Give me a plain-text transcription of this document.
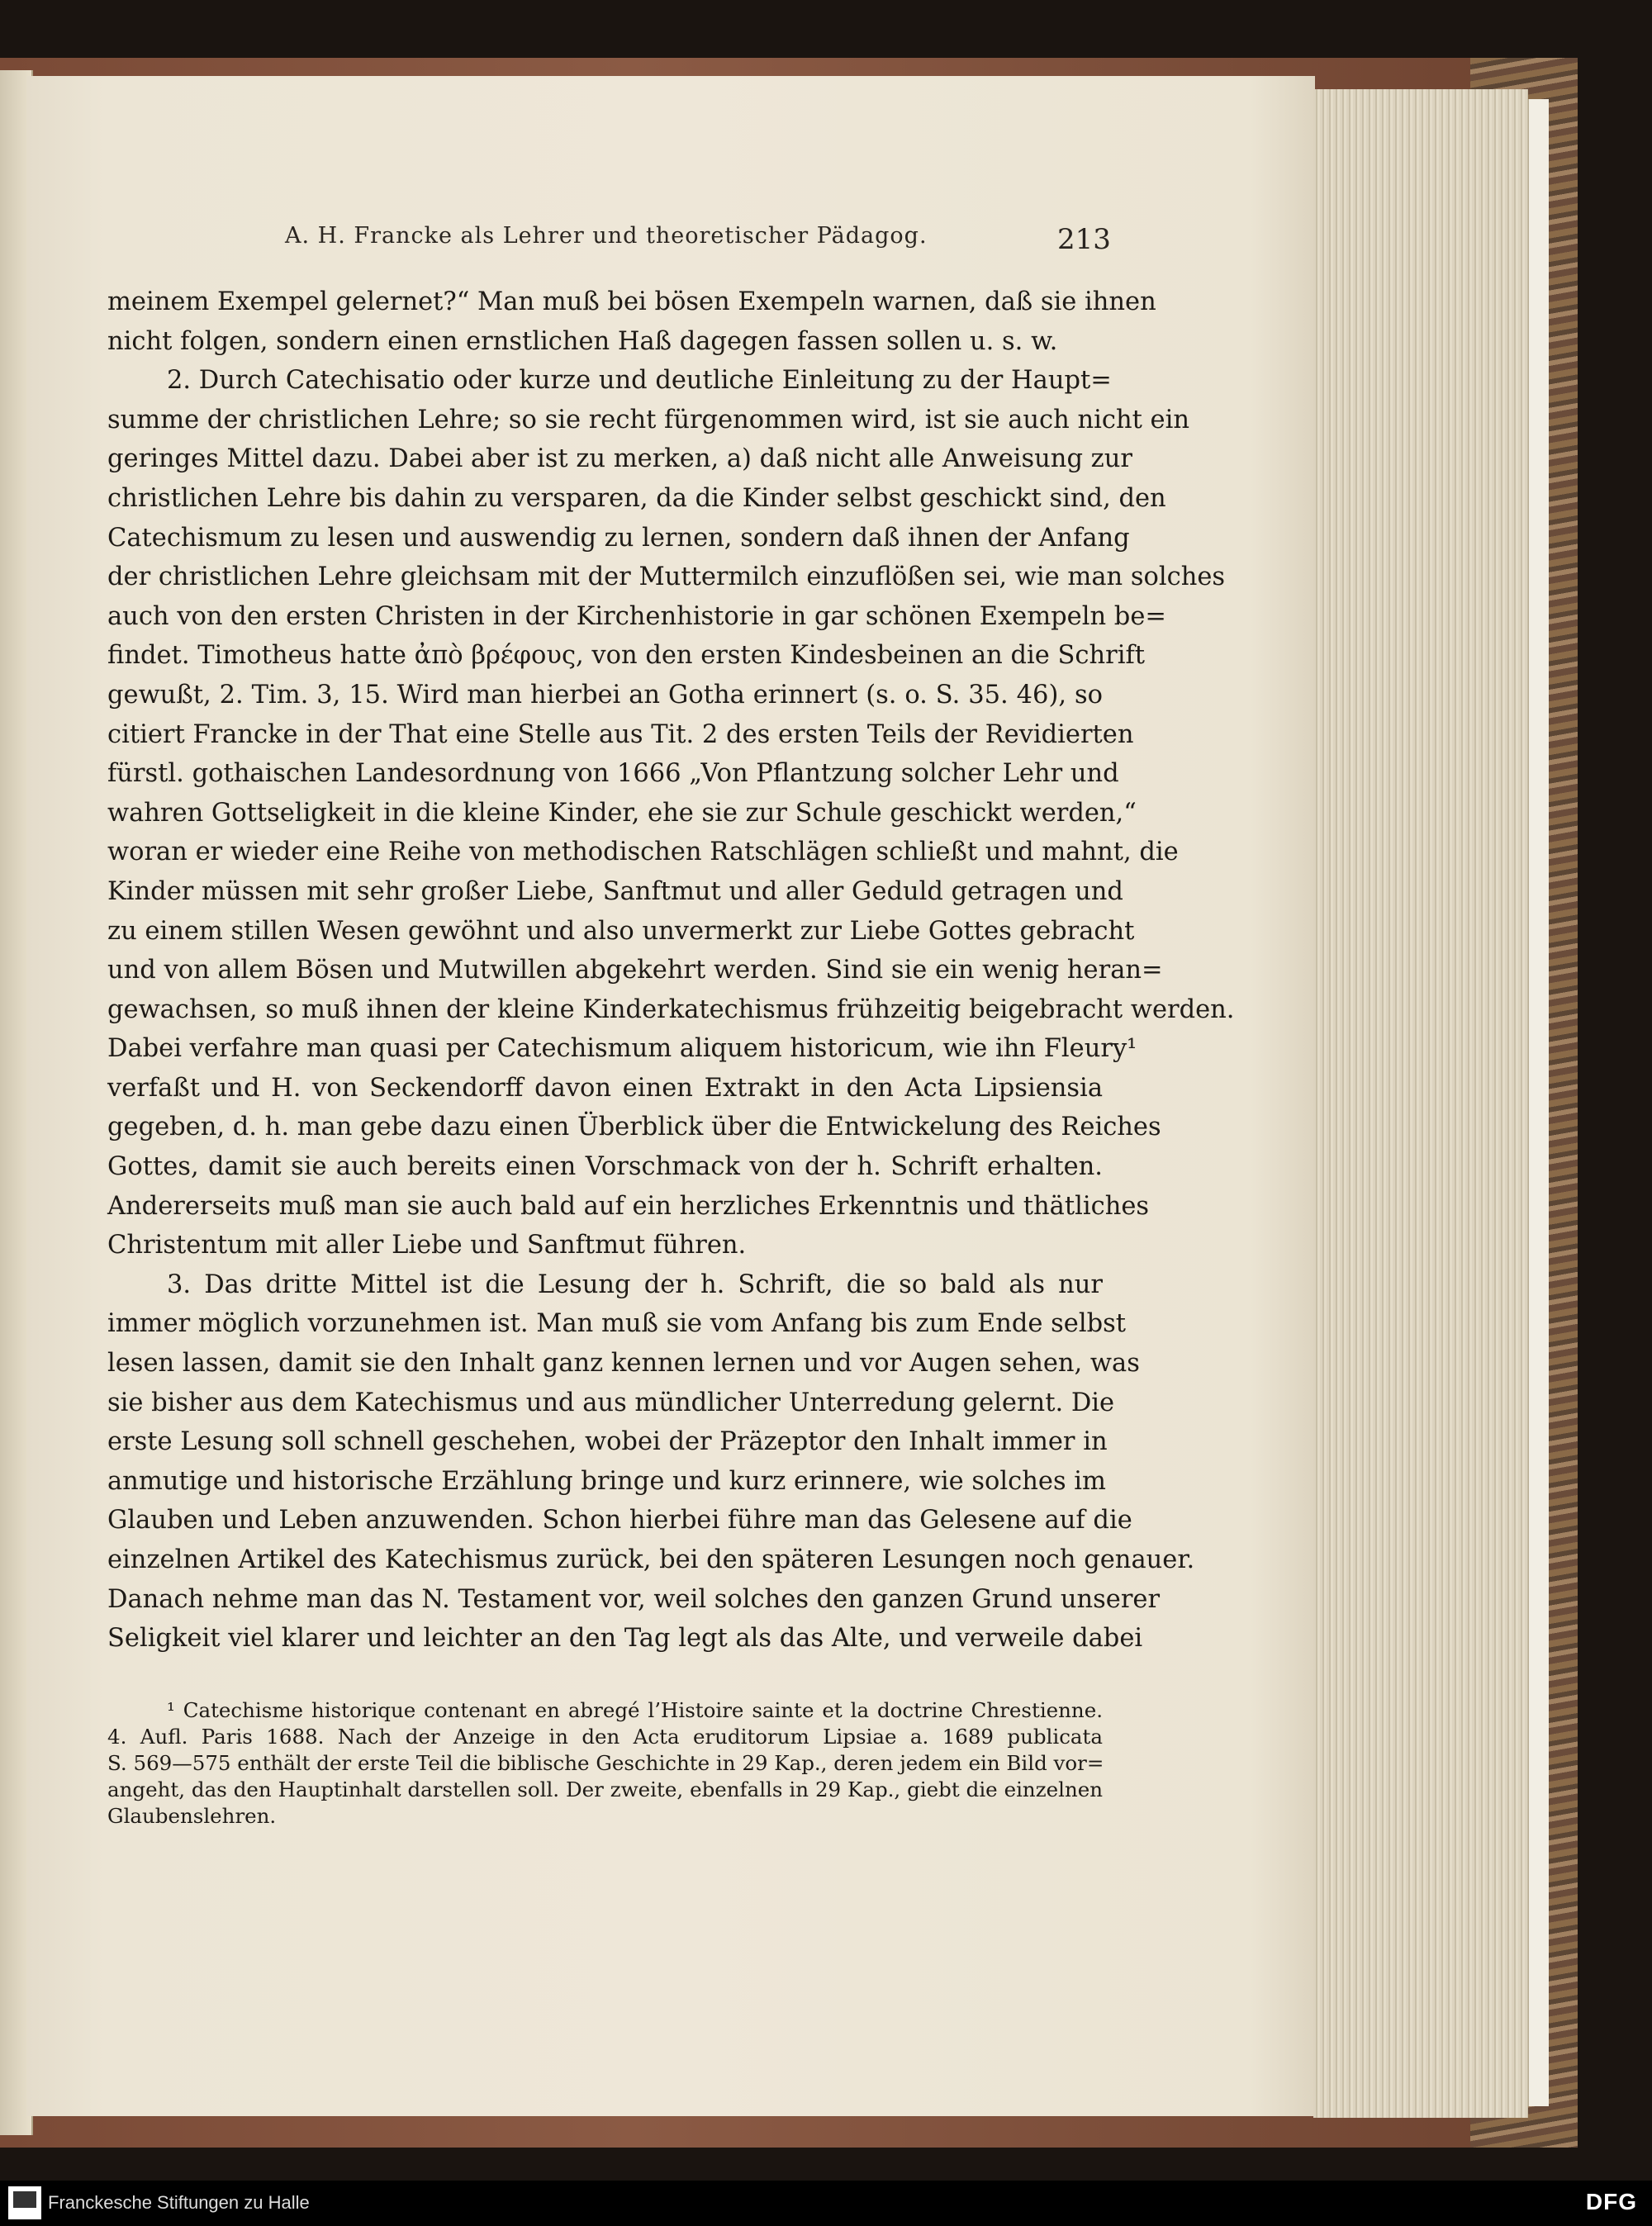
A. H. Francke als Lehrer und theoretischer Pädagog.	213
meinem Exempel gelernet?“ Man muß bei bösen Exempeln warnen, daß sie ihnen
nicht folgen, sondern einen ernstlichen Haß dagegen fassen sollen u. s. w.
2. Durch Catechisatio oder kurze und deutliche Einleitung zu der Haupt=
summe der christlichen Lehre; so sie recht fürgenommen wird, ist sie auch nicht ein
geringes Mittel dazu. Dabei aber ist zu merken, a) daß nicht alle Anweisung zur
christlichen Lehre bis dahin zu versparen, da die Kinder selbst geschickt sind, den
Catechismum zu lesen und auswendig zu lernen, sondern daß ihnen der Anfang
der christlichen Lehre gleichsam mit der Muttermilch einzuflößen sei, wie man solches
auch von den ersten Christen in der Kirchenhistorie in gar schönen Exempeln be=
findet. Timotheus hatte ἀπὸ βρέφους, von den ersten Kindesbeinen an die Schrift
gewußt, 2. Tim. 3, 15. Wird man hierbei an Gotha erinnert (s. o. S. 35. 46), so
citiert Francke in der That eine Stelle aus Tit. 2 des ersten Teils der Revidierten
fürstl. gothaischen Landesordnung von 1666 „Von Pflantzung solcher Lehr und
wahren Gottseligkeit in die kleine Kinder, ehe sie zur Schule geschickt werden,“
woran er wieder eine Reihe von methodischen Ratschlägen schließt und mahnt, die
Kinder müssen mit sehr großer Liebe, Sanftmut und aller Geduld getragen und
zu einem stillen Wesen gewöhnt und also unvermerkt zur Liebe Gottes gebracht
und von allem Bösen und Mutwillen abgekehrt werden. Sind sie ein wenig heran=
gewachsen, so muß ihnen der kleine Kinderkatechismus frühzeitig beigebracht werden.
Dabei verfahre man quasi per Catechismum aliquem historicum, wie ihn Fleury¹
verfaßt und H. von Seckendorff davon einen Extrakt in den Acta Lipsiensia
gegeben, d. h. man gebe dazu einen Überblick über die Entwickelung des Reiches
Gottes, damit sie auch bereits einen Vorschmack von der h. Schrift erhalten.
Andererseits muß man sie auch bald auf ein herzliches Erkenntnis und thätliches
Christentum mit aller Liebe und Sanftmut führen.
3. Das dritte Mittel ist die Lesung der h. Schrift, die so bald als nur
immer möglich vorzunehmen ist. Man muß sie vom Anfang bis zum Ende selbst
lesen lassen, damit sie den Inhalt ganz kennen lernen und vor Augen sehen, was
sie bisher aus dem Katechismus und aus mündlicher Unterredung gelernt. Die
erste Lesung soll schnell geschehen, wobei der Präzeptor den Inhalt immer in
anmutige und historische Erzählung bringe und kurz erinnere, wie solches im
Glauben und Leben anzuwenden. Schon hierbei führe man das Gelesene auf die
einzelnen Artikel des Katechismus zurück, bei den späteren Lesungen noch genauer.
Danach nehme man das N. Testament vor, weil solches den ganzen Grund unserer
Seligkeit viel klarer und leichter an den Tag legt als das Alte, und verweile dabei
¹ Catechisme historique contenant en abregé l’Histoire sainte et la doctrine Chrestienne.
4. Aufl. Paris 1688. Nach der Anzeige in den Acta eruditorum Lipsiae a. 1689 publicata
S. 569—575 enthält der erste Teil die biblische Geschichte in 29 Kap., deren jedem ein Bild vor=
angeht, das den Hauptinhalt darstellen soll. Der zweite, ebenfalls in 29 Kap., giebt die einzelnen
Glaubenslehren.
Franckesche Stiftungen zu Halle	DFG
